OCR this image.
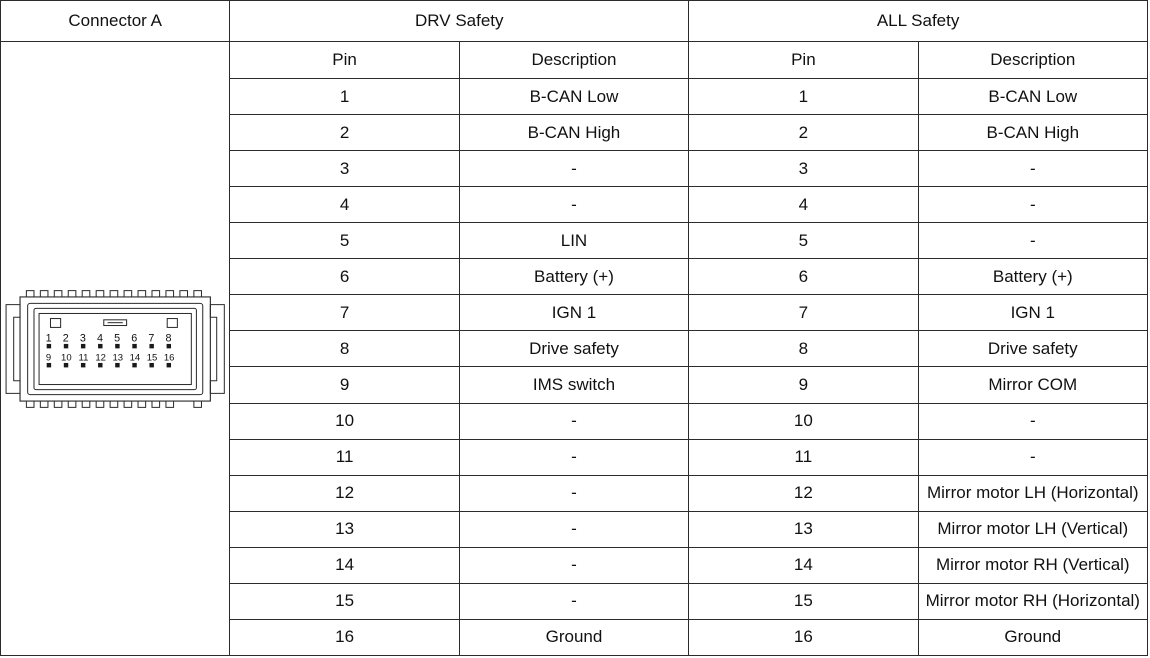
Connector A	DRV Safety		ALL Safety	

1 2 3 4 5 6 7 8
9 10 11 12 13 14 15 16
	Pin	Description	Pin	Description
	1	B-CAN Low	1	B-CAN Low
	2	B-CAN High	2	B-CAN High
	3	-	3	-
	4	-	4	-
	5	LIN	5	-
	6	Battery (+)	6	Battery (+)
	7	IGN 1	7	IGN 1
	8	Drive safety	8	Drive safety
	9	IMS switch	9	Mirror COM
	10	-	10	-
	11	-	11	-
	12	-	12	Mirror motor LH (Horizontal)
	13	-	13	Mirror motor LH (Vertical)
	14	-	14	Mirror motor RH (Vertical)
	15	-	15	Mirror motor RH (Horizontal)
	16	Ground	16	Ground
